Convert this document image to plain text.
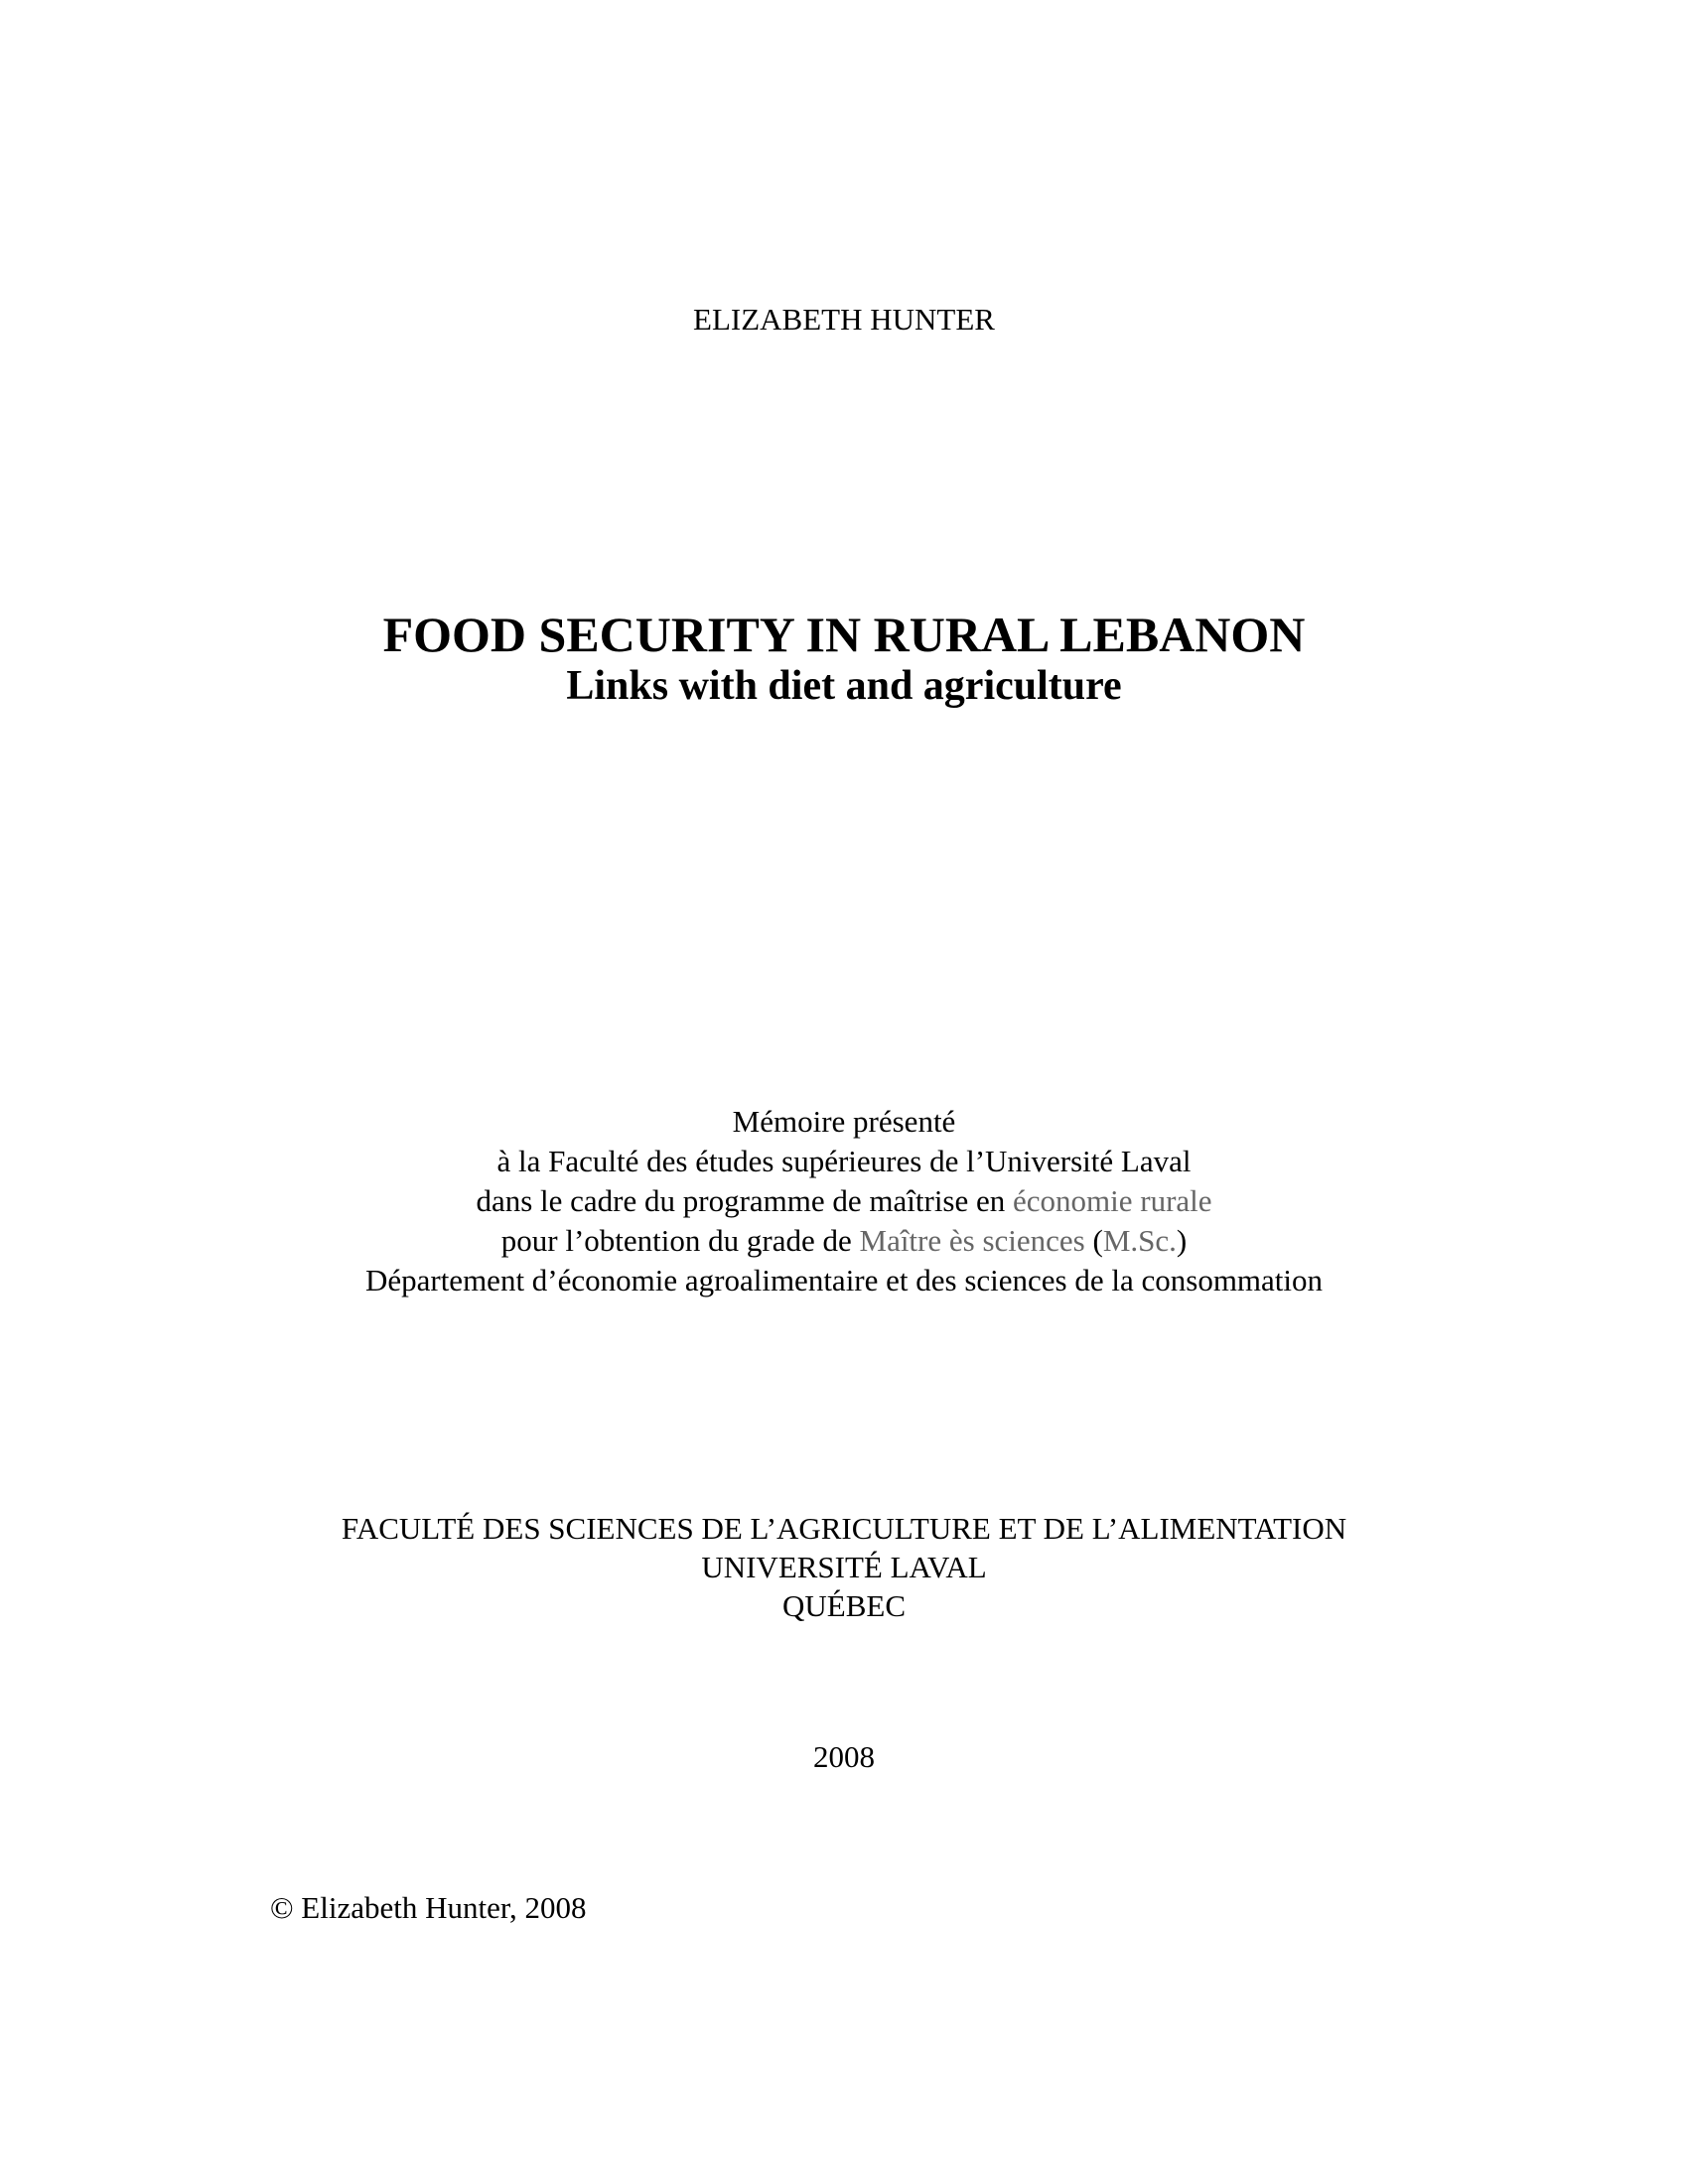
ELIZABETH HUNTER
FOOD SECURITY IN RURAL LEBANON
Links with diet and agriculture
Mémoire présenté
à la Faculté des études supérieures de l’Université Laval
dans le cadre du programme de maîtrise en économie rurale
pour l’obtention du grade de Maître ès sciences (M.Sc.)
Département d’économie agroalimentaire et des sciences de la consommation
FACULTÉ DES SCIENCES DE L’AGRICULTURE ET DE L’ALIMENTATION
UNIVERSITÉ LAVAL
QUÉBEC
2008
© Elizabeth Hunter, 2008
